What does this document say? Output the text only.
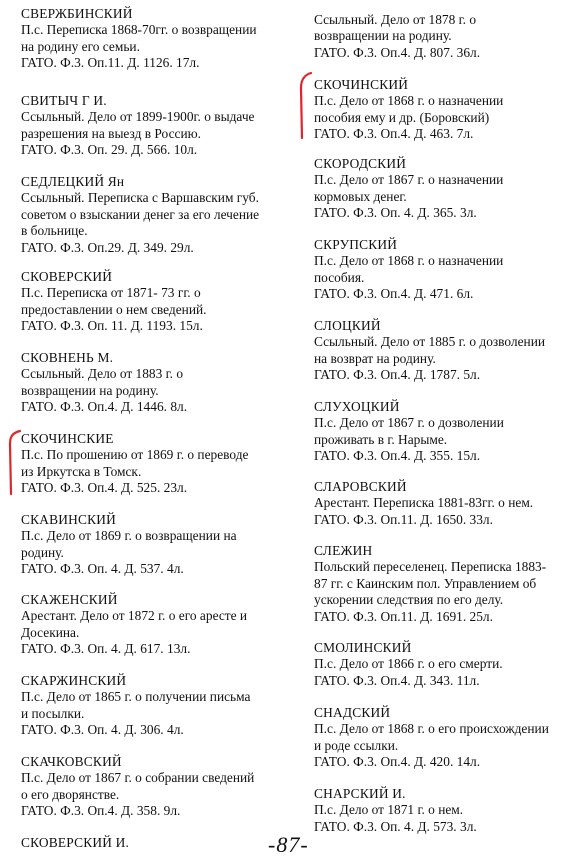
СВЕРЖБИНСКИЙ
П.с. Переписка 1868-70гг. о возвращении
на родину его семьи.
ГАТО. Ф.3. Оп.11. Д. 1126. 17л.
СВИТЫЧ Г И.
Ссыльный. Дело от 1899-1900г. о выдаче
разрешения на выезд в Россию.
ГАТО. Ф.3. Оп. 29. Д. 566. 10л.
СЕДЛЕЦКИЙ Ян
Ссыльный. Переписка с Варшавским губ.
советом о взыскании денег за его лечение
в больнице.
ГАТО. Ф.3. Оп.29. Д. 349. 29л.
СКОВЕРСКИЙ
П.с. Переписка от 1871- 73 гг. о
предоставлении о нем сведений.
ГАТО. Ф.3. Оп. 11. Д. 1193. 15л.
СКОВНЕНЬ М.
Ссыльный. Дело от 1883 г. о
возвращении на родину.
ГАТО. Ф.3. Оп.4. Д. 1446. 8л.
СКОЧИНСКИЕ
П.с. По прошению от 1869 г. о переводе
из Иркутска в Томск.
ГАТО. Ф.3. Оп.4. Д. 525. 23л.
СКАВИНСКИЙ
П.с. Дело от 1869 г. о возвращении на
родину.
ГАТО. Ф.3. Оп. 4. Д. 537. 4л.
СКАЖЕНСКИЙ
Арестант. Дело от 1872 г. о его аресте и
Досекина.
ГАТО. Ф.3. Оп. 4. Д. 617. 13л.
СКАРЖИНСКИЙ
П.с. Дело от 1865 г. о получении письма
и посылки.
ГАТО. Ф.3. Оп. 4. Д. 306. 4л.
СКАЧКОВСКИЙ
П.с. Дело от 1867 г. о собрании сведений
о его дворянстве.
ГАТО. Ф.3. Оп.4. Д. 358. 9л.
СКОВЕРСКИЙ И.
Ссыльный. Дело от 1878 г. о
возвращении на родину.
ГАТО. Ф.3. Оп.4. Д. 807. 36л.
СКОЧИНСКИЙ
П.с. Дело от 1868 г. о назначении
пособия ему и др. (Боровский)
ГАТО. Ф.3. Оп.4. Д. 463. 7л.
СКОРОДСКИЙ
П.с. Дело от 1867 г. о назначении
кормовых денег.
ГАТО. Ф.3. Оп. 4. Д. 365. 3л.
СКРУПСКИЙ
П.с. Дело от 1868 г. о назначении
пособия.
ГАТО. Ф.3. Оп.4. Д. 471. 6л.
СЛОЦКИЙ
Ссыльный. Дело от 1885 г. о дозволении
на возврат на родину.
ГАТО. Ф.3. Оп.4. Д. 1787. 5л.
СЛУХОЦКИЙ
П.с. Дело от 1867 г. о дозволении
проживать в г. Нарыме.
ГАТО. Ф.3. Оп.4. Д. 355. 15л.
СЛАРОВСКИЙ
Арестант. Переписка 1881-83гг. о нем.
ГАТО. Ф.3. Оп.11. Д. 1650. 33л.
СЛЕЖИН
Польский переселенец. Переписка 1883-
87 гг. с Каинским пол. Управлением об
ускорении следствия по его делу.
ГАТО. Ф.3. Оп.11. Д. 1691. 25л.
СМОЛИНСКИЙ
П.с. Дело от 1866 г. о его смерти.
ГАТО. Ф.3. Оп.4. Д. 343. 11л.
СНАДСКИЙ
П.с. Дело от 1868 г. о его происхождении
и роде ссылки.
ГАТО. Ф.3. Оп.4. Д. 420. 14л.
СНАРСКИЙ И.
П.с. Дело от 1871 г. о нем.
ГАТО. Ф.3. Оп. 4. Д. 573. 3л.
-87-
